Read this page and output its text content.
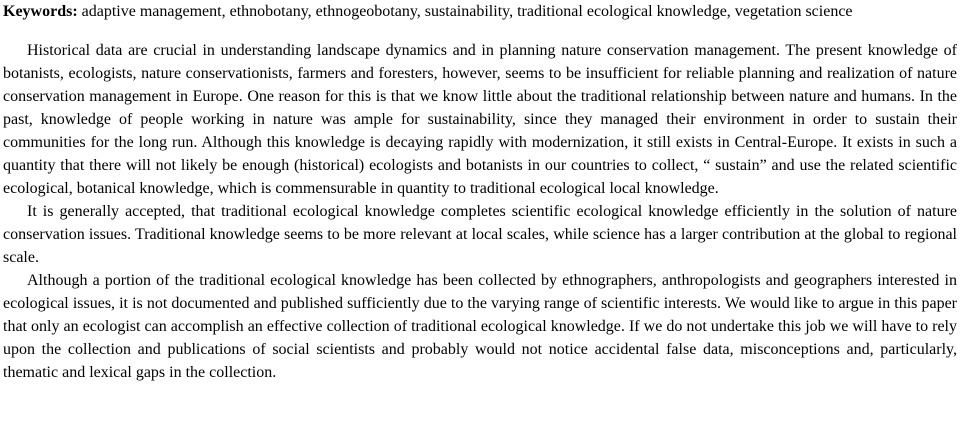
Keywords: adaptive management, ethnobotany, ethnogeobotany, sustainability, traditional ecological knowledge, vegetation science

Historical data are crucial in understanding landscape dynamics and in planning nature conservation management. The present knowledge of botanists, ecologists, nature conservationists, farmers and foresters, however, seems to be insufficient for reliable planning and realization of nature conservation management in Europe. One reason for this is that we know little about the traditional relationship between nature and humans. In the past, knowledge of people working in nature was ample for sustainability, since they managed their environment in order to sustain their communities for the long run. Although this knowledge is decaying rapidly with modernization, it still exists in Central-Europe. It exists in such a quantity that there will not likely be enough (historical) ecologists and botanists in our countries to collect, “ sustain” and use the related scientific ecological, botanical knowledge, which is commensurable in quantity to traditional ecological local knowledge.

It is generally accepted, that traditional ecological knowledge completes scientific ecological knowledge efficiently in the solution of nature conservation issues. Traditional knowledge seems to be more relevant at local scales, while science has a larger contribution at the global to regional scale.

Although a portion of the traditional ecological knowledge has been collected by ethnographers, anthropologists and geographers interested in ecological issues, it is not documented and published sufficiently due to the varying range of scientific interests. We would like to argue in this paper that only an ecologist can accomplish an effective collection of traditional ecological knowledge. If we do not undertake this job we will have to rely upon the collection and publications of social scientists and probably would not notice accidental false data, misconceptions and, particularly, thematic and lexical gaps in the collection.
